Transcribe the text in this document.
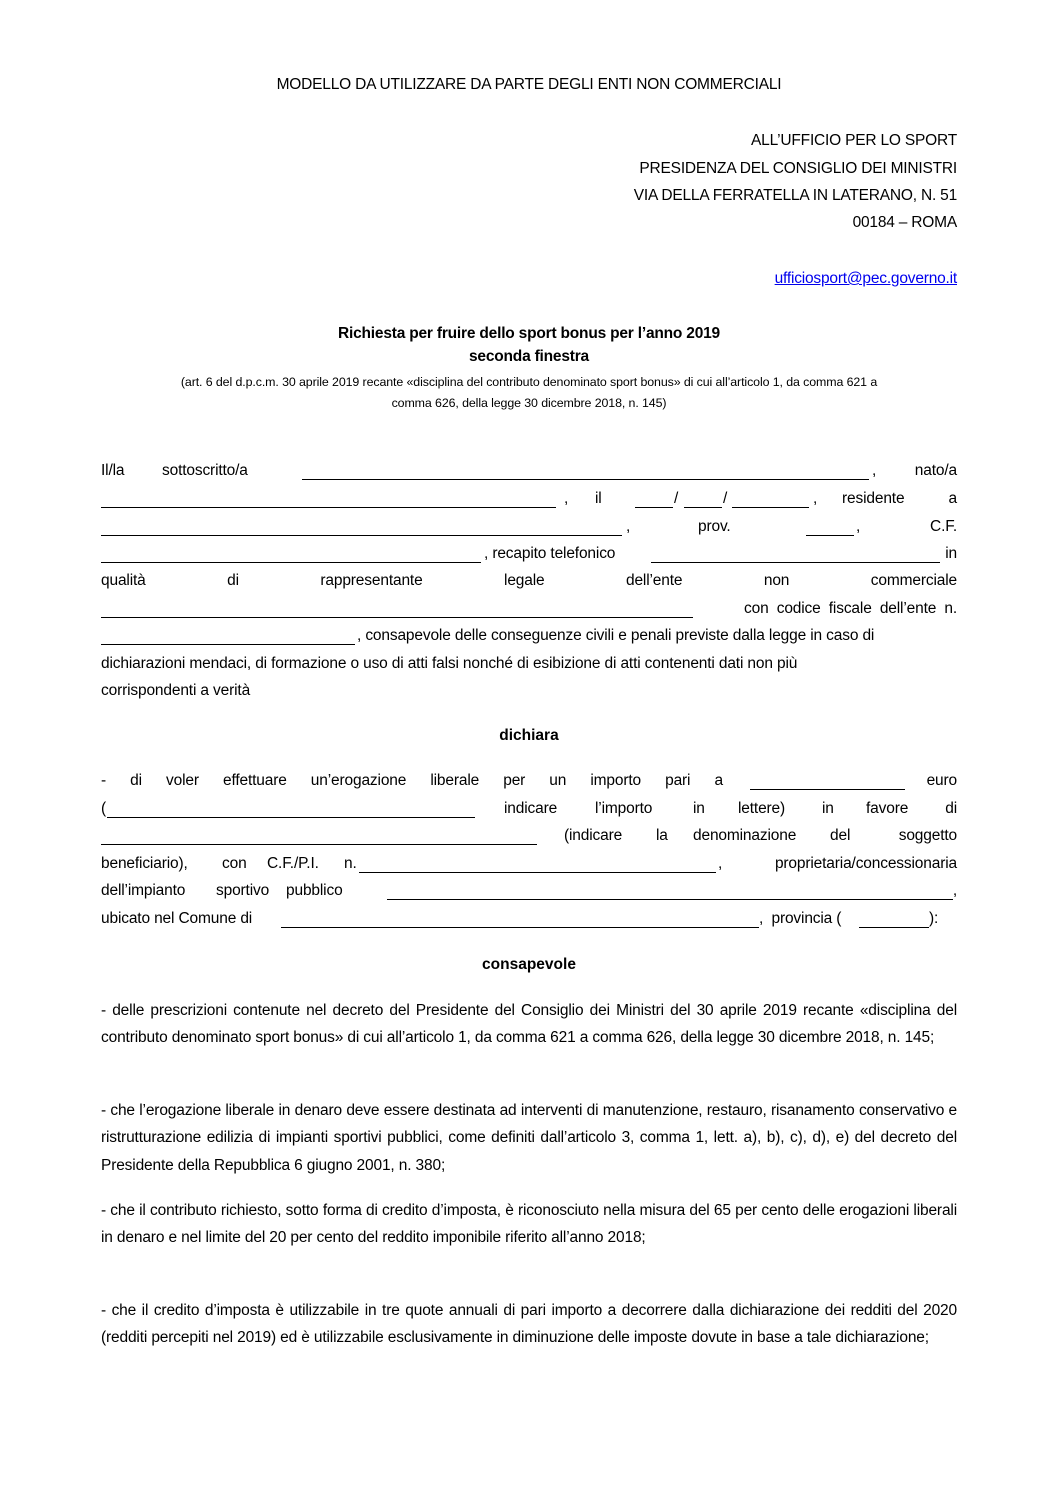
MODELLO DA UTILIZZARE DA PARTE DEGLI ENTI NON COMMERCIALI
ALL’UFFICIO PER LO SPORT
PRESIDENZA DEL CONSIGLIO DEI MINISTRI
VIA DELLA FERRATELLA IN LATERANO, N. 51
00184 – ROMA
ufficiosport@pec.governo.it
Richiesta per fruire dello sport bonus per l’anno 2019
seconda finestra
(art. 6 del d.p.c.m. 30 aprile 2019 recante «disciplina del contributo denominato sport bonus» di cui all’articolo 1, da comma 621 a
comma 626, della legge 30 dicembre 2018, n. 145)
Il/la sottoscritto/a	, nato/a
, il	/	/	, residente	a
,	prov.	,	C.F.
, recapito telefonico	in
qualità	di	rappresentante	legale	dell’ente	non	commerciale
con codice fiscale dell’ente n.
, consapevole delle conseguenze civili e penali previste dalla legge in caso di
dichiarazioni mendaci, di formazione o uso di atti falsi nonché di esibizione di atti contenenti dati non più
corrispondenti a verità
dichiara
- di voler effettuare un’erogazione liberale per un importo pari a	euro
(	indicare l’importo	in lettere) in favore di
(indicare la denominazione del	soggetto
beneficiario), con C.F./P.I. n.	,	proprietaria/concessionaria
dell’impianto sportivo pubblico	,
ubicato nel Comune di	,  provincia (	):
consapevole
- delle prescrizioni contenute nel decreto del Presidente del Consiglio dei Ministri del 30 aprile 2019 recante «disciplina del contributo denominato sport bonus» di cui all’articolo 1, da comma 621 a comma 626, della legge 30 dicembre 2018, n. 145;
- che l’erogazione liberale in denaro deve essere destinata ad interventi di manutenzione, restauro, risanamento conservativo e ristrutturazione edilizia di impianti sportivi pubblici, come definiti dall’articolo 3, comma 1, lett. a), b), c), d), e) del decreto del Presidente della Repubblica 6 giugno 2001, n. 380;
- che il contributo richiesto, sotto forma di credito d’imposta, è riconosciuto nella misura del 65 per cento delle erogazioni liberali in denaro e nel limite del 20 per cento del reddito imponibile riferito all’anno 2018;
- che il credito d’imposta è utilizzabile in tre quote annuali di pari importo a decorrere dalla dichiarazione dei redditi del 2020 (redditi percepiti nel 2019) ed è utilizzabile esclusivamente in diminuzione delle imposte dovute in base a tale dichiarazione;
